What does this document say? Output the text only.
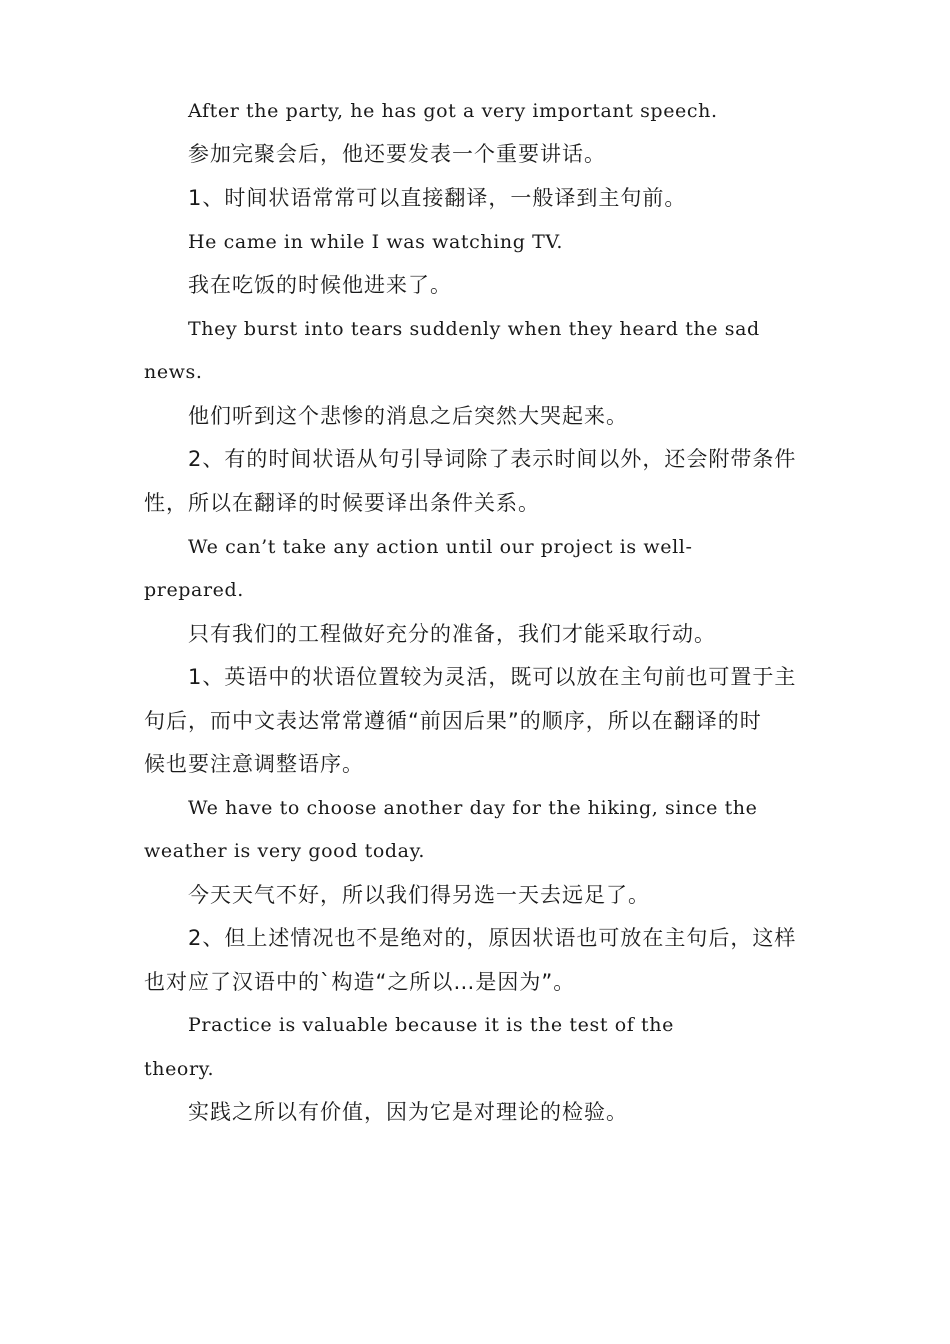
After the party, he has got a very important speech.
参加完聚会后，他还要发表一个重要讲话。
1、时间状语常常可以直接翻译，一般译到主句前。
He came in while I was watching TV.
我在吃饭的时候他进来了。
They burst into tears suddenly when they heard the sad
news.
他们听到这个悲惨的消息之后突然大哭起来。
2、有的时间状语从句引导词除了表示时间以外，还会附带条件
性，所以在翻译的时候要译出条件关系。
We can’t take any action until our project is well-
prepared.
只有我们的工程做好充分的准备，我们才能采取行动。
1、英语中的状语位置较为灵活，既可以放在主句前也可置于主
句后，而中文表达常常遵循“前因后果”的顺序，所以在翻译的时
候也要注意调整语序。
We have to choose another day for the hiking, since the
weather is very good today.
今天天气不好，所以我们得另选一天去远足了。
2、但上述情况也不是绝对的，原因状语也可放在主句后，这样
也对应了汉语中的`构造“之所以…是因为”。
Practice is valuable because it is the test of the
theory.
实践之所以有价值，因为它是对理论的检验。
